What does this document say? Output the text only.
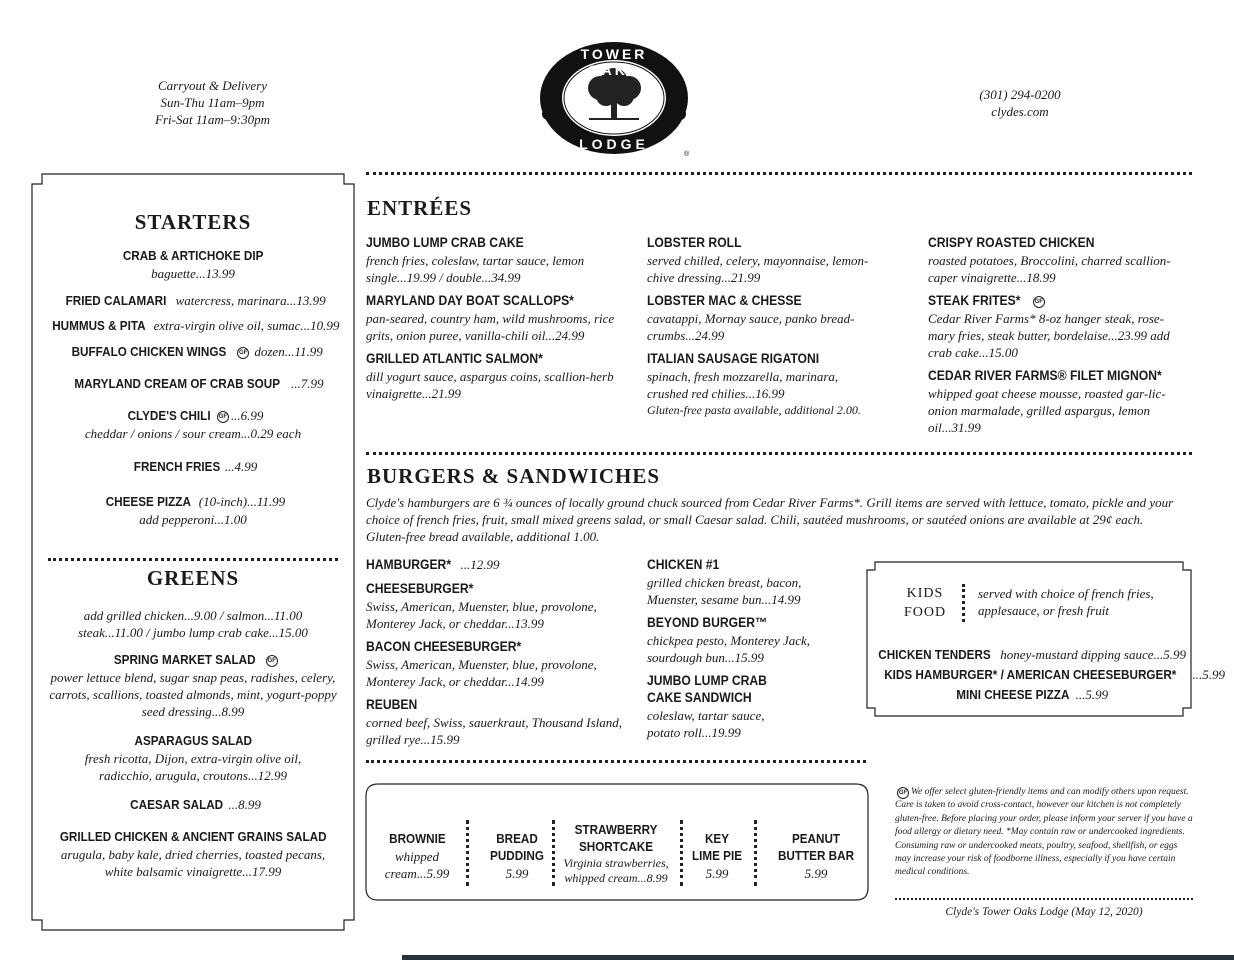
Carryout & Delivery
Sun-Thu 11am–9pm
Fri-Sat 11am–9:30pm
®
TOWER OAKS
LODGE
(301) 294-0200
clydes.com
STARTERS
CRAB & ARTICHOKE DIP
baguette...13.99
FRIED CALAMARI watercress, marinara...13.99
HUMMUS & PITA extra-virgin olive oil, sumac...10.99
BUFFALO CHICKEN WINGS GF dozen...11.99
MARYLAND CREAM OF CRAB SOUP ...7.99
CLYDE'S CHILI GF ...6.99
cheddar / onions / sour cream...0.29 each
FRENCH FRIES ...4.99
CHEESE PIZZA (10-inch)...11.99
add pepperoni...1.00
GREENS
add grilled chicken...9.00 / salmon...11.00
steak...11.00 / jumbo lump crab cake...15.00
SPRING MARKET SALAD GF
power lettuce blend, sugar snap peas, radishes, celery, carrots, scallions, toasted almonds, mint, yogurt-poppy seed dressing...8.99
ASPARAGUS SALAD
fresh ricotta, Dijon, extra-virgin olive oil, radicchio, arugula, croutons...12.99
CAESAR SALAD ...8.99
GRILLED CHICKEN & ANCIENT GRAINS SALAD
arugula, baby kale, dried cherries, toasted pecans, white balsamic vinaigrette...17.99
ENTRÉES
JUMBO LUMP CRAB CAKE
french fries, coleslaw, tartar sauce, lemon single...19.99 / double...34.99
MARYLAND DAY BOAT SCALLOPS*
pan-seared, country ham, wild mushrooms, rice grits, onion puree, vanilla-chili oil...24.99
GRILLED ATLANTIC SALMON*
dill yogurt sauce, aspargus coins, scallion-herb vinaigrette...21.99
LOBSTER ROLL
served chilled, celery, mayonnaise, lemon-chive dressing...21.99
LOBSTER MAC & CHESSE
cavatappi, Mornay sauce, panko bread-crumbs...24.99
ITALIAN SAUSAGE RIGATONI
spinach, fresh mozzarella, marinara, crushed red chilies...16.99
Gluten-free pasta available, additional 2.00.
CRISPY ROASTED CHICKEN
roasted potatoes, Broccolini, charred scallion-caper vinaigrette...18.99
STEAK FRITES* GF
Cedar River Farms* 8-oz hanger steak, rose-mary fries, steak butter, bordelaise...23.99 add crab cake...15.00
CEDAR RIVER FARMS® FILET MIGNON*
whipped goat cheese mousse, roasted gar-lic-onion marmalade, grilled aspargus, lemon oil...31.99
BURGERS & SANDWICHES
Clyde's hamburgers are 6 ¾ ounces of locally ground chuck sourced from Cedar River Farms*. Grill items are served with lettuce, tomato, pickle and your choice of french fries, fruit, small mixed greens salad, or small Caesar salad. Chili, sautéed mushrooms, or sautéed onions are available at 29¢ each. Gluten-free bread available, additional 1.00.
HAMBURGER* ...12.99
CHEESEBURGER*
Swiss, American, Muenster, blue, provolone, Monterey Jack, or cheddar...13.99
BACON CHEESEBURGER*
Swiss, American, Muenster, blue, provolone, Monterey Jack, or cheddar...14.99
REUBEN
corned beef, Swiss, sauerkraut, Thousand Island, grilled rye...15.99
CHICKEN #1
grilled chicken breast, bacon, Muenster, sesame bun...14.99
BEYOND BURGER™
chickpea pesto, Monterey Jack, sourdough bun...15.99
JUMBO LUMP CRAB CAKE SANDWICH
coleslaw, tartar sauce, potato roll...19.99
KIDS
FOOD
served with choice of french fries, applesauce, or fresh fruit
CHICKEN TENDERS honey-mustard dipping sauce...5.99
KIDS HAMBURGER* / AMERICAN CHEESEBURGER* ...5.99
MINI CHEESE PIZZA ...5.99
BROWNIE
whipped cream...5.99
BREAD PUDDING
5.99
STRAWBERRY SHORTCAKE
Virginia strawberries, whipped cream...8.99
KEY LIME PIE
5.99
PEANUT BUTTER BAR
5.99
GF We offer select gluten-friendly items and can modify others upon request. Care is taken to avoid cross-contact, however our kitchen is not completely gluten-free. Before placing your order, please inform your server if you have a food allergy or dietary need. *May contain raw or undercooked ingredients. Consuming raw or undercooked meats, poultry, seafood, shellfish, or eggs may increase your risk of foodborne illness, especially if you have certain medical conditions.
Clyde's Tower Oaks Lodge (May 12, 2020)
